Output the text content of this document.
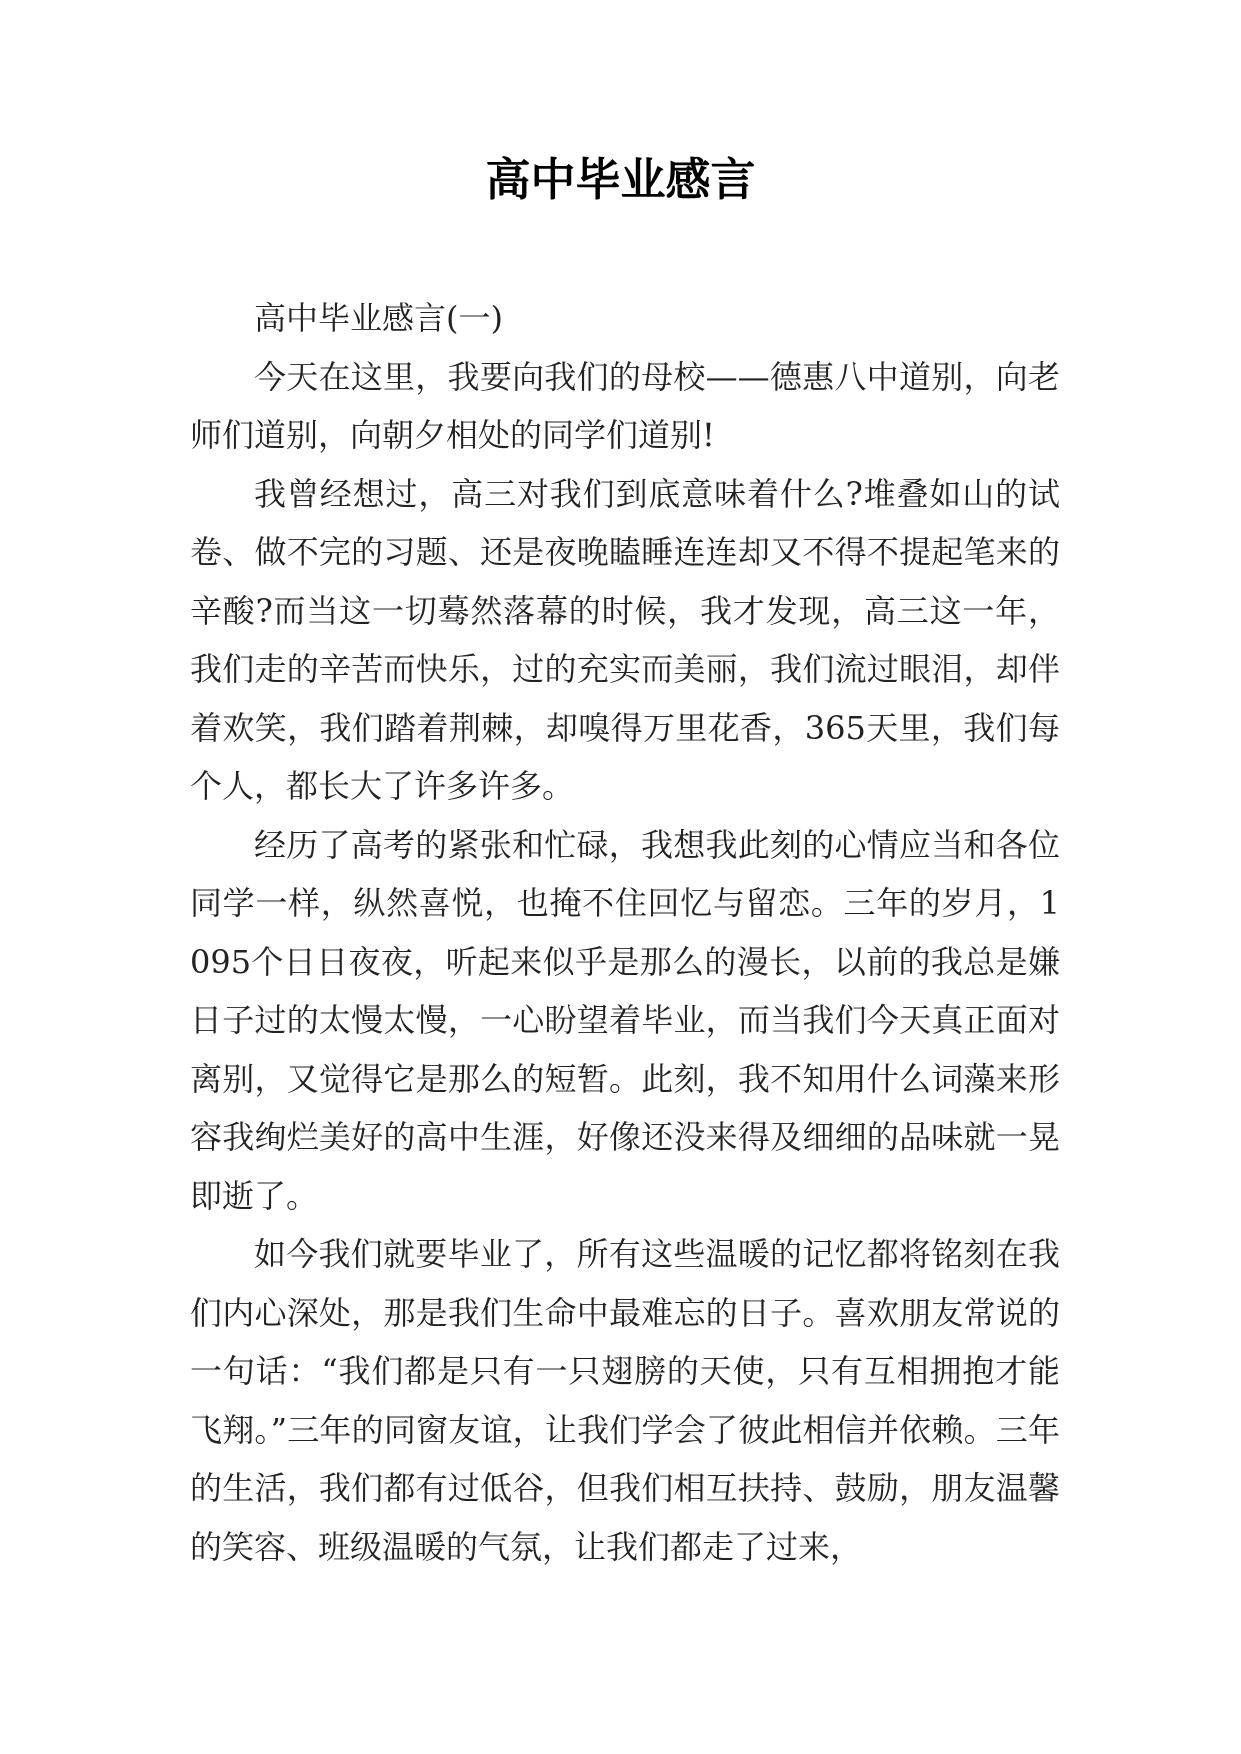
高中毕业感言

高中毕业感言(一)

今天在这里，我要向我们的母校——德惠八中道别，向老师们道别，向朝夕相处的同学们道别!

我曾经想过，高三对我们到底意味着什么?堆叠如山的试卷、做不完的习题、还是夜晚瞌睡连连却又不得不提起笔来的辛酸?而当这一切蓦然落幕的时候，我才发现，高三这一年，我们走的辛苦而快乐，过的充实而美丽，我们流过眼泪，却伴着欢笑，我们踏着荆棘，却嗅得万里花香，365天里，我们每个人，都长大了许多许多。

经历了高考的紧张和忙碌，我想我此刻的心情应当和各位同学一样，纵然喜悦，也掩不住回忆与留恋。三年的岁月，1095个日日夜夜，听起来似乎是那么的漫长，以前的我总是嫌日子过的太慢太慢，一心盼望着毕业，而当我们今天真正面对离别，又觉得它是那么的短暂。此刻，我不知用什么词藻来形容我绚烂美好的高中生涯，好像还没来得及细细的品味就一晃即逝了。

如今我们就要毕业了，所有这些温暖的记忆都将铭刻在我们内心深处，那是我们生命中最难忘的日子。喜欢朋友常说的一句话：“我们都是只有一只翅膀的天使，只有互相拥抱才能飞翔。”三年的同窗友谊，让我们学会了彼此相信并依赖。三年的生活，我们都有过低谷，但我们相互扶持、鼓励，朋友温馨的笑容、班级温暖的气氛，让我们都走了过来，
